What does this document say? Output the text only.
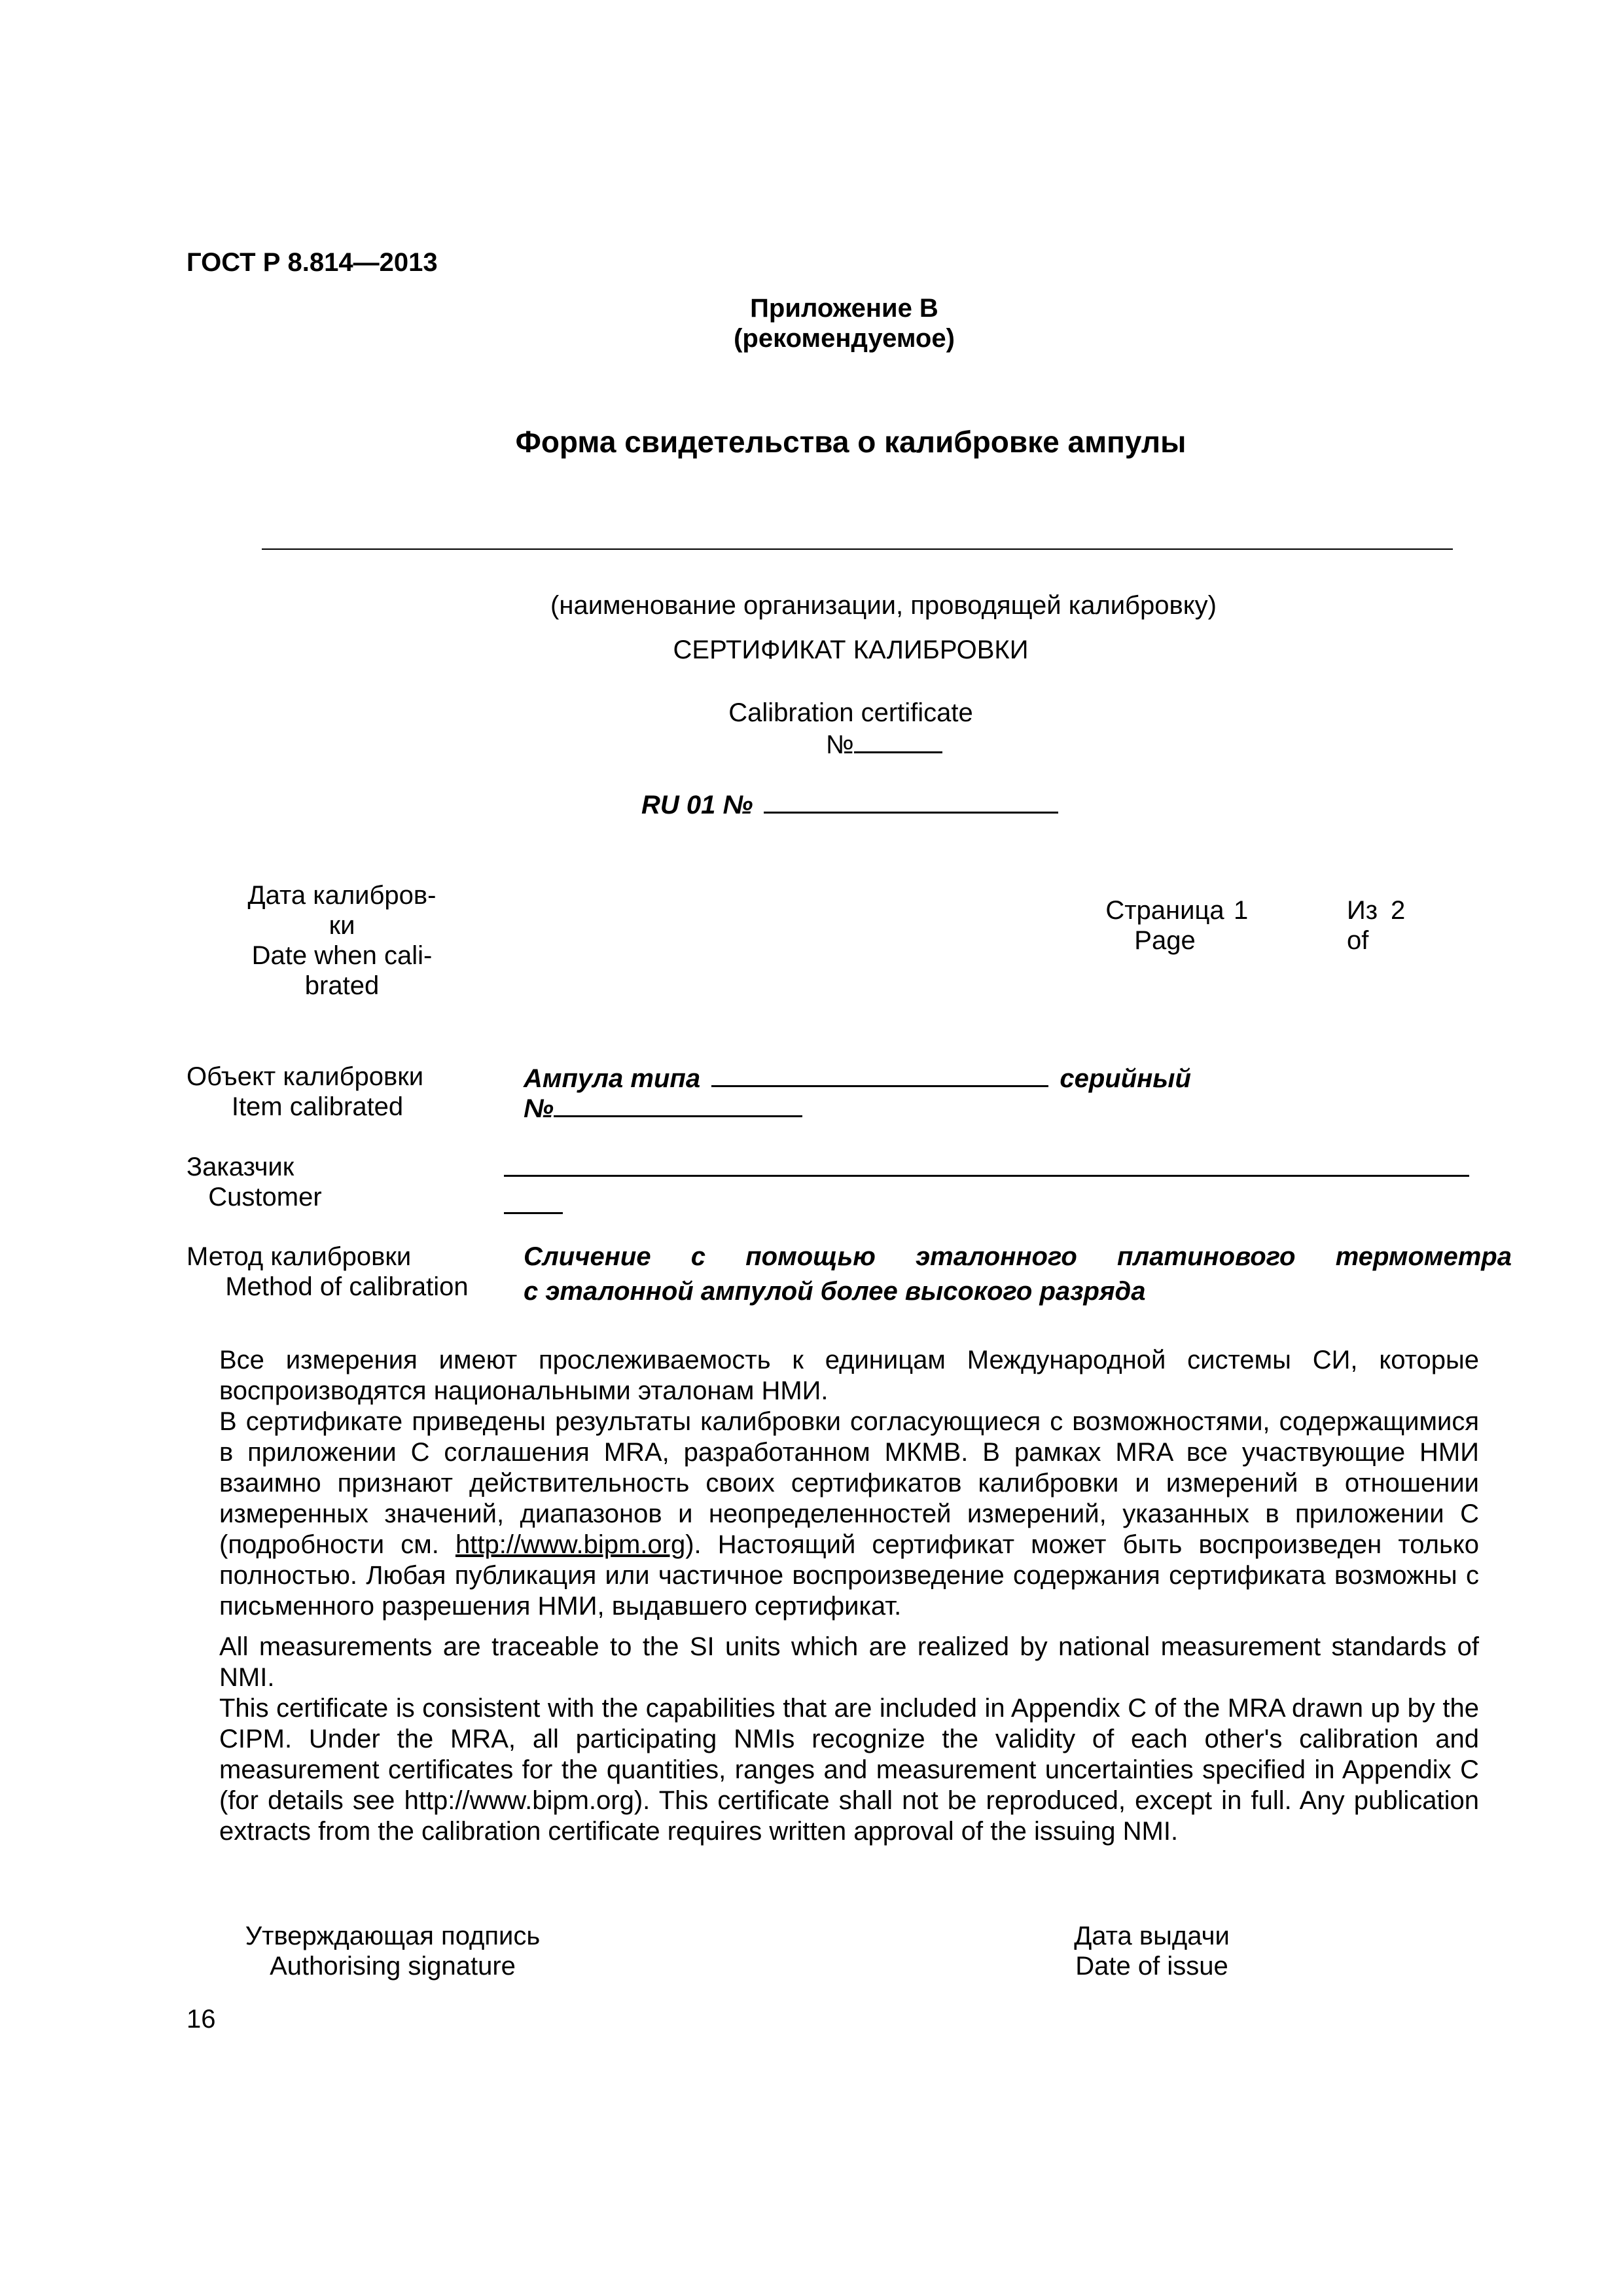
ГОСТ Р 8.814—2013
Приложение В
(рекомендуемое)
Форма свидетельства о калибровке ампулы
(наименование организации, проводящей калибровку)
СЕРТИФИКАТ КАЛИБРОВКИ
Calibration certificate
№
RU 01 №
Дата калибров-
ки
Date when cali-
brated
Страница
Page
1	Из 2
of
Объект калибровки
Item calibrated
Ампула типа	серийный
№
Заказчик
Customer
Метод калибровки
Method of calibration
Сличение с помощью эталонного платинового термометра
с эталонной ампулой более высокого разряда
Все измерения имеют прослеживаемость к единицам Международной системы СИ, которые воспроизводятся национальными эталонам НМИ.
В сертификате приведены результаты калибровки согласующиеся с возможностями, содержащимися в приложении С соглашения MRA, разработанном МКМВ. В рамках MRA все участвующие НМИ взаимно признают действительность своих сертификатов калибровки и измерений в отношении измеренных значений, диапазонов и неопределенностей измерений, указанных в приложении С (подробности см. http://www.bipm.org). Настоящий сертификат может быть воспроизведен только полностью. Любая публикация или частичное воспроизведение содержания сертификата возможны с письменного разрешения НМИ, выдавшего сертификат.
All measurements are traceable to the SI units which are realized by national measurement standards of NMI.
This certificate is consistent with the capabilities that are included in Appendix C of the MRA drawn up by the CIPM. Under the MRA, all participating NMIs recognize the validity of each other's calibration and measurement certificates for the quantities, ranges and measurement uncertainties specified in Appendix C (for details see http://www.bipm.org). This certificate shall not be reproduced, except in full. Any publication extracts from the calibration certificate requires written approval of the issuing NMI.
Утверждающая подпись
Authorising signature
Дата выдачи
Date of issue
16
